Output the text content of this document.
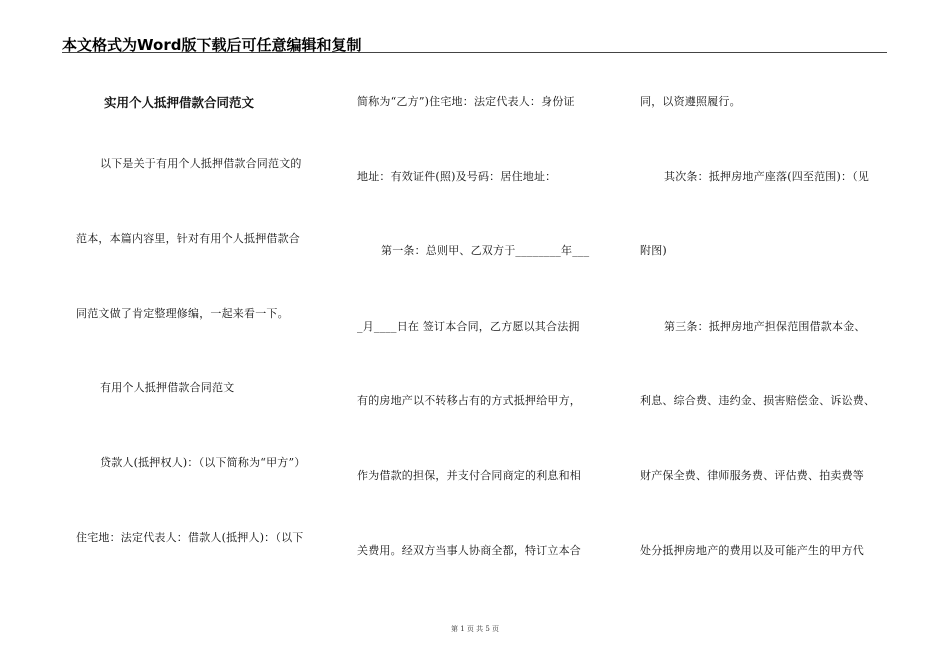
本文格式为Word版下载后可任意编辑和复制
实用个人抵押借款合同范文
以下是关于有用个人抵押借款合同范文的
范本，本篇内容里，针对有用个人抵押借款合
同范文做了肯定整理修编，一起来看一下。
有用个人抵押借款合同范文
贷款人(抵押权人)：（以下简称为“甲方”）
住宅地：法定代表人：借款人(抵押人)：（以下
简称为“乙方”)住宅地：法定代表人：身份证
地址：有效证件(照)及号码：居住地址：
第一条：总则甲、乙双方于________年___
_月____日在 签订本合同，乙方愿以其合法拥
有的房地产以不转移占有的方式抵押给甲方，
作为借款的担保，并支付合同商定的利息和相
关费用。经双方当事人协商全都，特订立本合
同，以资遵照履行。
其次条：抵押房地产座落(四至范围)：（见
附图)
第三条：抵押房地产担保范围借款本金、
利息、综合费、违约金、损害赔偿金、诉讼费、
财产保全费、律师服务费、评估费、拍卖费等
处分抵押房地产的费用以及可能产生的甲方代
第 1 页 共 5 页
